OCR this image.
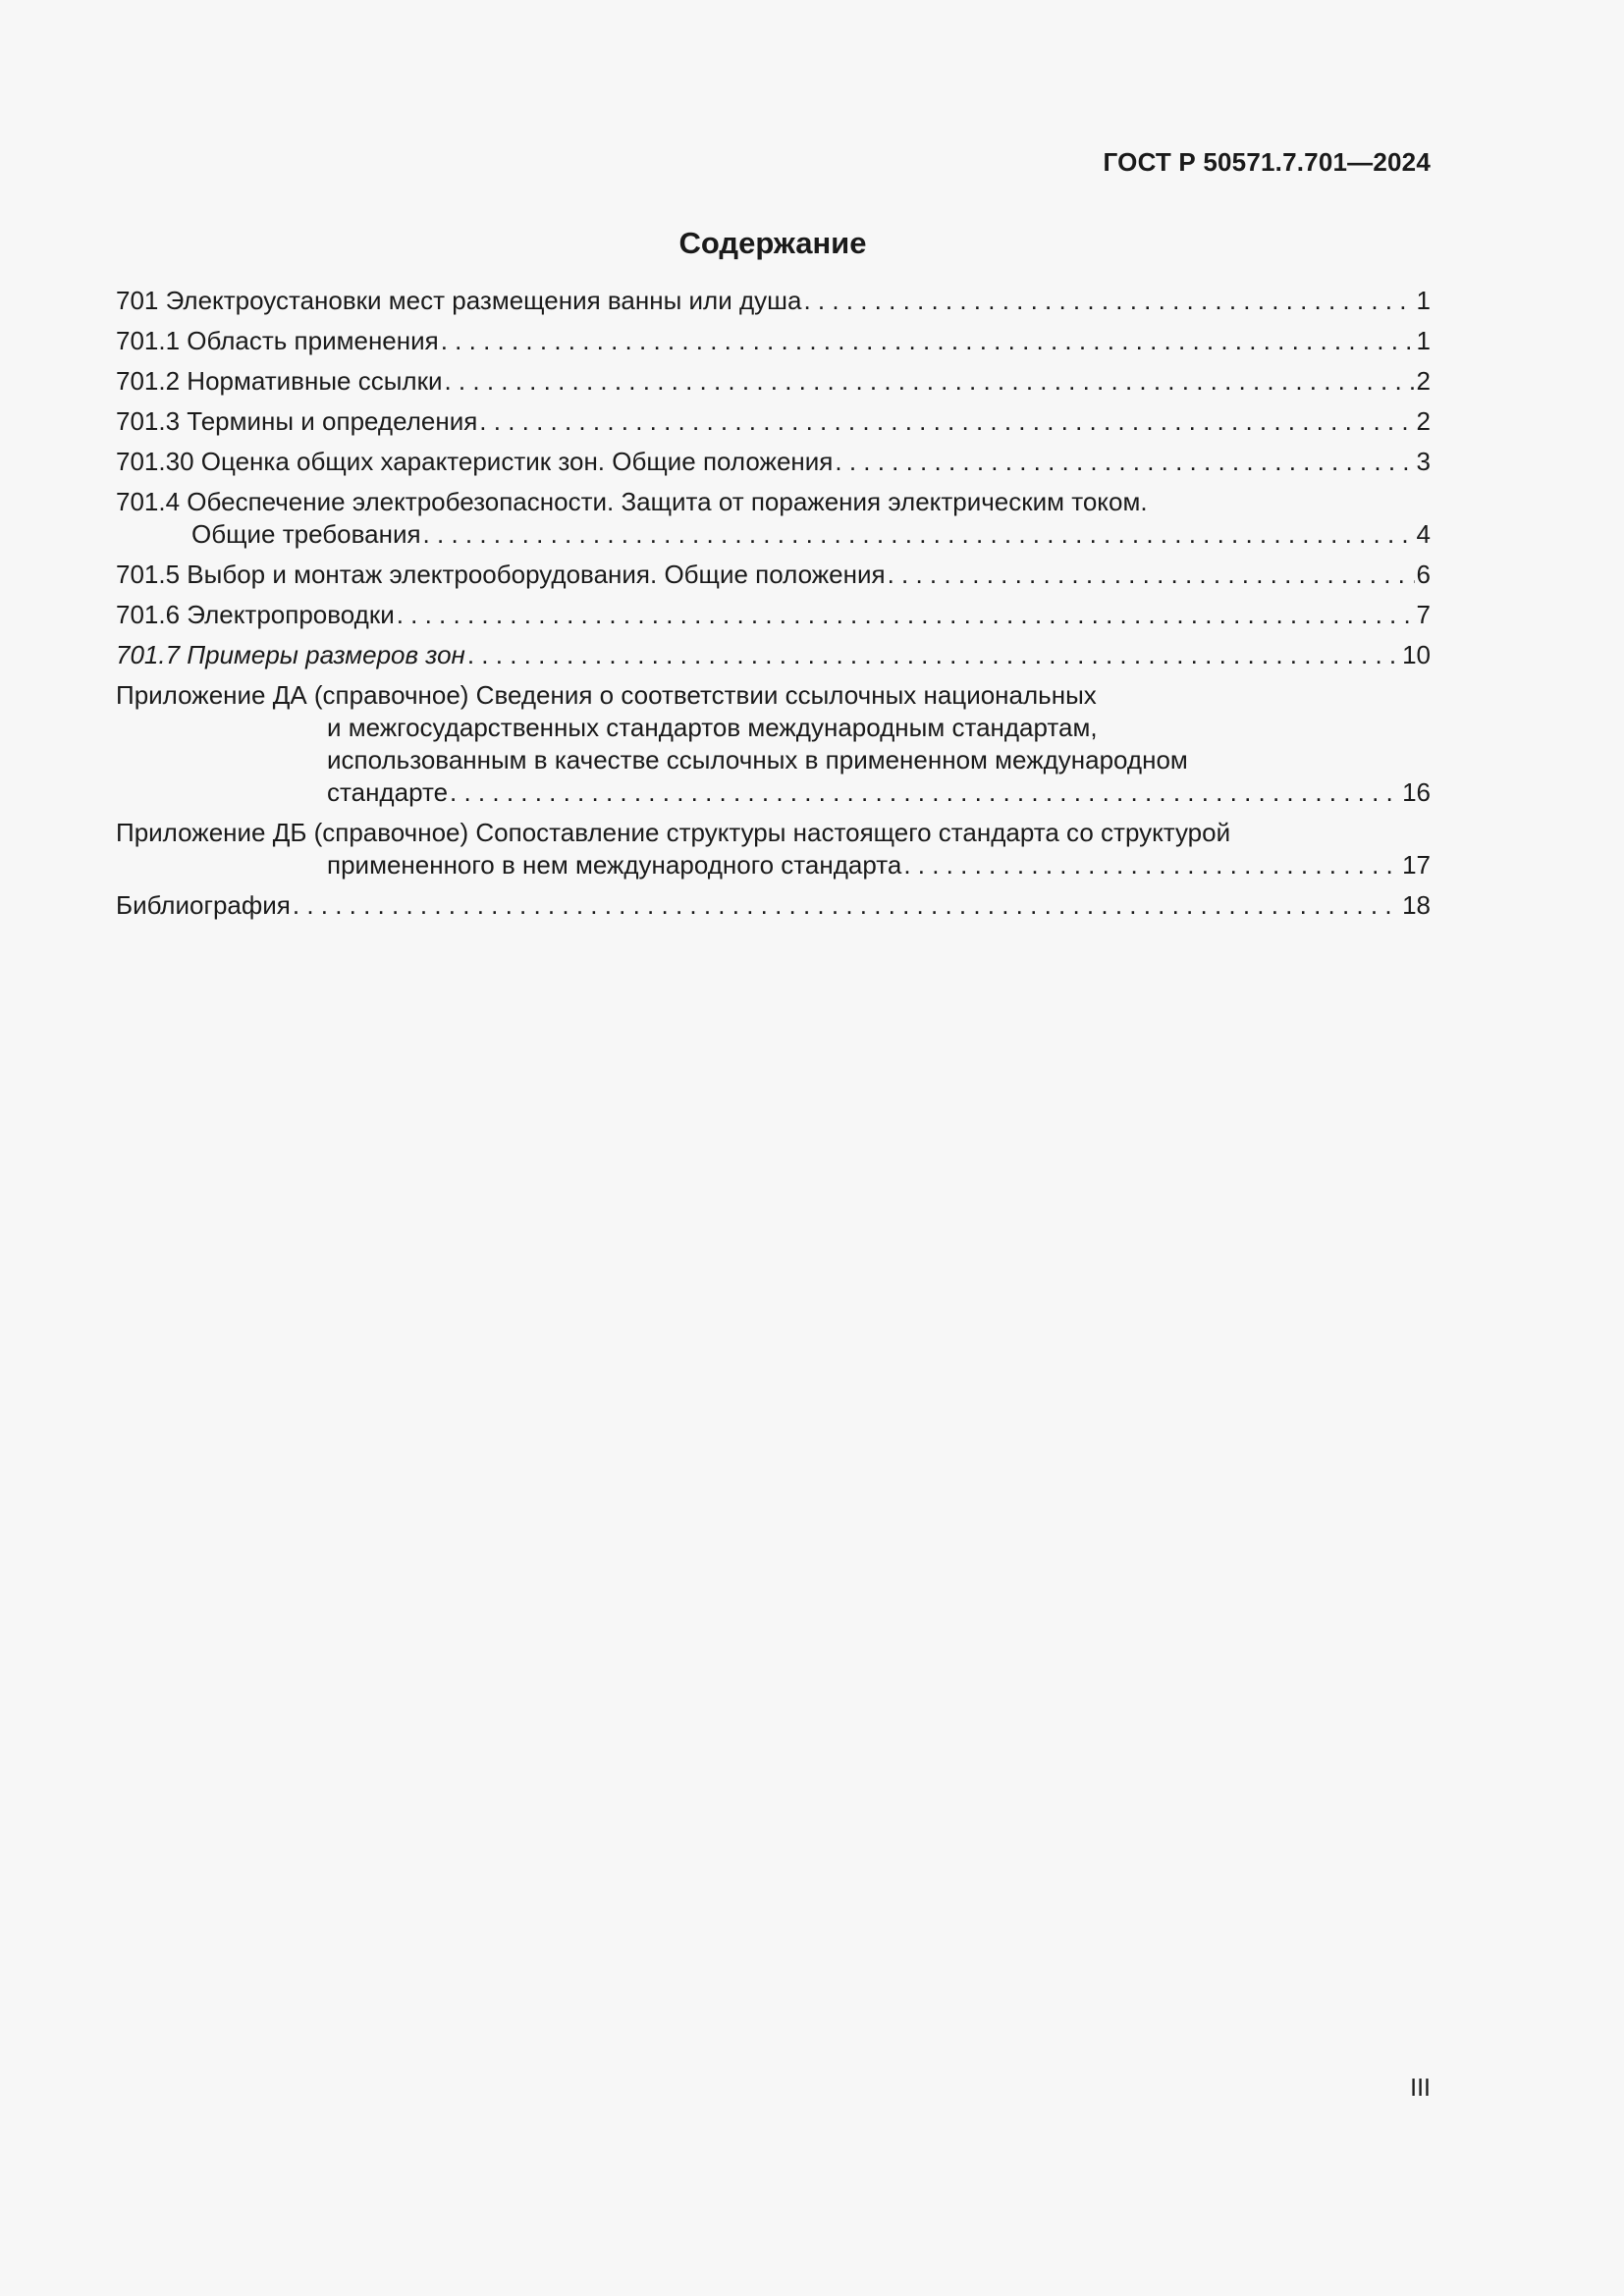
ГОСТ Р 50571.7.701—2024
Содержание
701 Электроустановки мест размещения ванны или душа . . .	1
701.1 Область применения . . .	1
701.2 Нормативные ссылки . . .	2
701.3 Термины и определения . . .	2
701.30 Оценка общих характеристик зон. Общие положения . . .	3
701.4 Обеспечение электробезопасности. Защита от поражения электрическим током.
Общие требования . . .	4
701.5 Выбор и монтаж электрооборудования. Общие положения . . .	6
701.6 Электропроводки . . .	7
701.7 Примеры размеров зон . . .	10
Приложение ДА (справочное) Сведения о соответствии ссылочных национальных
и межгосударственных стандартов международным стандартам,
использованным в качестве ссылочных в примененном международном
стандарте . . .	16
Приложение ДБ (справочное) Сопоставление структуры настоящего стандарта со структурой
примененного в нем международного стандарта . . .	17
Библиография . . .	18
III
